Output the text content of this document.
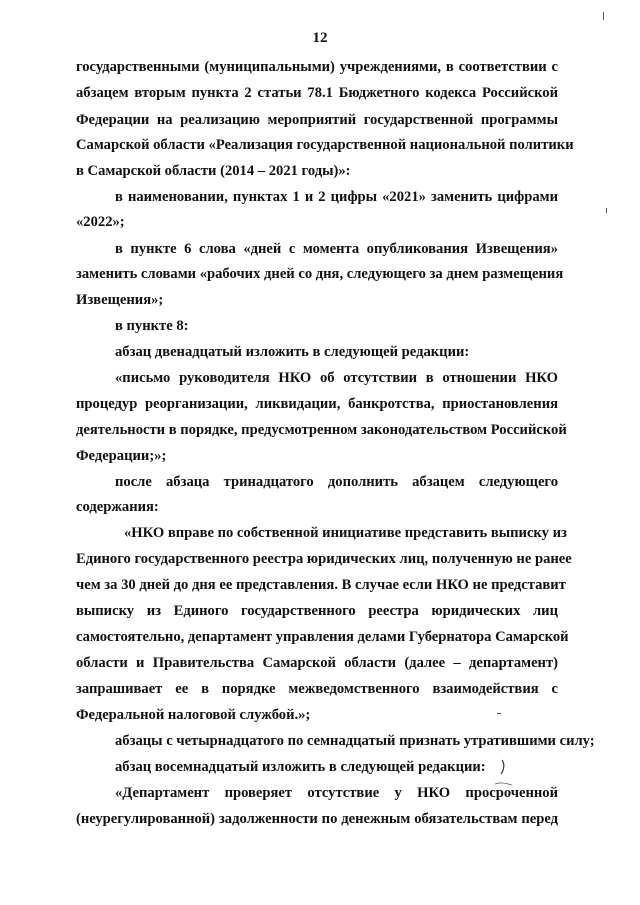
12
государственными (муниципальными) учреждениями, в соответствии с
абзацем вторым пункта 2 статьи 78.1 Бюджетного кодекса Российской
Федерации на реализацию мероприятий государственной программы
Самарской области «Реализация государственной национальной политики
в Самарской области (2014 – 2021 годы)»:
в наименовании, пунктах 1 и 2 цифры «2021» заменить цифрами
«2022»;
в пункте 6 слова «дней с момента опубликования Извещения»
заменить словами «рабочих дней со дня, следующего за днем размещения
Извещения»;
в пункте 8:
абзац двенадцатый изложить в следующей редакции:
«письмо руководителя НКО об отсутствии в отношении НКО
процедур реорганизации, ликвидации, банкротства, приостановления
деятельности в порядке, предусмотренном законодательством Российской
Федерации;»;
после абзаца тринадцатого дополнить абзацем следующего
содержания:
«НКО вправе по собственной инициативе представить выписку из
Единого государственного реестра юридических лиц, полученную не ранее
чем за 30 дней до дня ее представления. В случае если НКО не представит
выписку из Единого государственного реестра юридических лиц
самостоятельно, департамент управления делами Губернатора Самарской
области и Правительства Самарской области (далее – департамент)
запрашивает ее в порядке межведомственного взаимодействия с
Федеральной налоговой службой.»;
абзацы с четырнадцатого по семнадцатый признать утратившими силу;
абзац восемнадцатый изложить в следующей редакции:
«Департамент проверяет отсутствие у НКО просроченной
(неурегулированной) задолженности по денежным обязательствам перед
